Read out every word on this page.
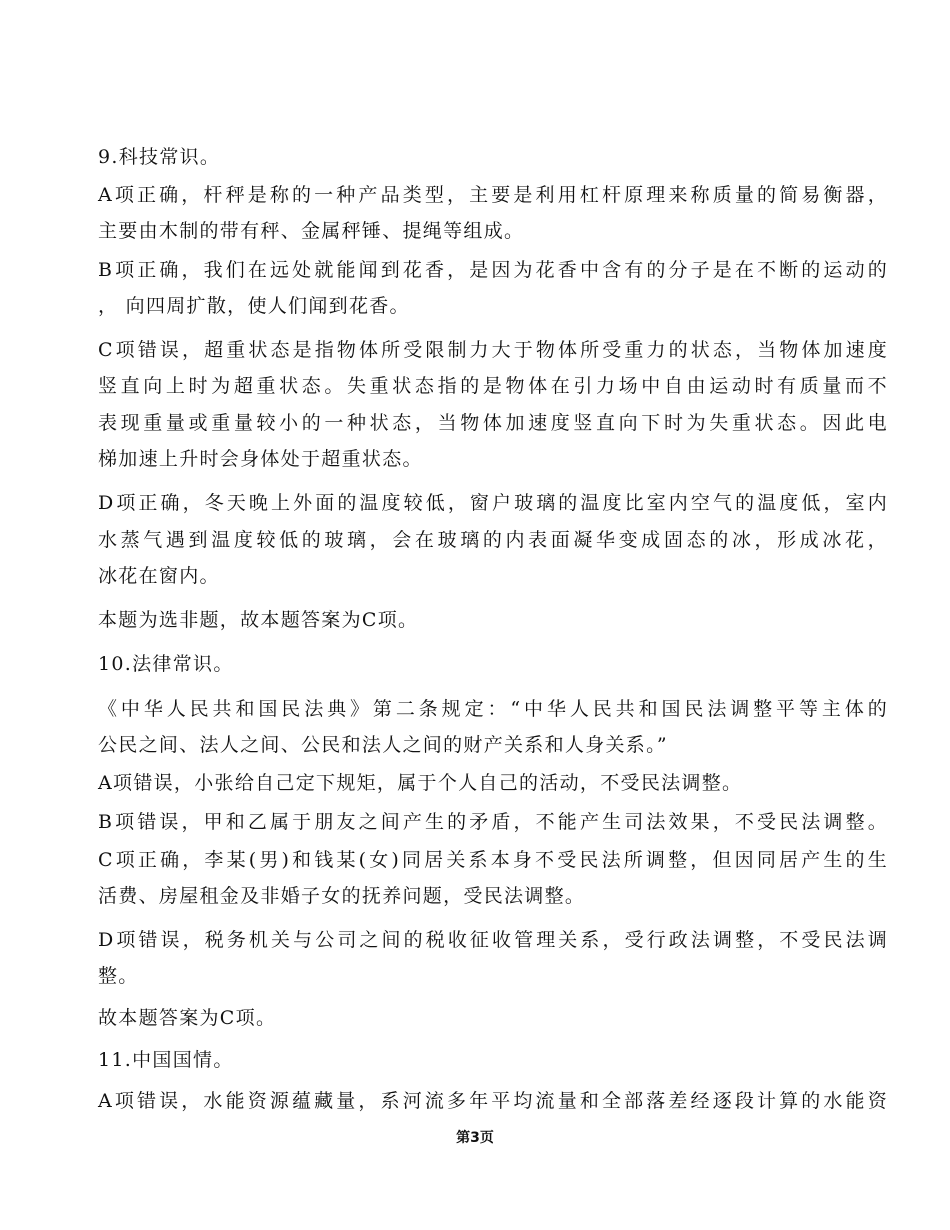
9.科技常识。
A项正确，杆秤是称的一种产品类型，主要是利用杠杆原理来称质量的简易衡器，
主要由木制的带有秤、金属秤锤、提绳等组成。
B项正确，我们在远处就能闻到花香，是因为花香中含有的分子是在不断的运动的
， 向四周扩散，使人们闻到花香。
C项错误，超重状态是指物体所受限制力大于物体所受重力的状态，当物体加速度
竖直向上时为超重状态。失重状态指的是物体在引力场中自由运动时有质量而不
表现重量或重量较小的一种状态，当物体加速度竖直向下时为失重状态。因此电
梯加速上升时会身体处于超重状态。
D项正确，冬天晚上外面的温度较低，窗户玻璃的温度比室内空气的温度低，室内
水蒸气遇到温度较低的玻璃，会在玻璃的内表面凝华变成固态的冰，形成冰花，
冰花在窗内。
本题为选非题，故本题答案为C项。
10.法律常识。
《中华人民共和国民法典》第二条规定：“中华人民共和国民法调整平等主体的
公民之间、法人之间、公民和法人之间的财产关系和人身关系。”
A项错误，小张给自己定下规矩，属于个人自己的活动，不受民法调整。
B项错误，甲和乙属于朋友之间产生的矛盾，不能产生司法效果，不受民法调整。
C项正确，李某(男)和钱某(女)同居关系本身不受民法所调整，但因同居产生的生
活费、房屋租金及非婚子女的抚养问题，受民法调整。
D项错误，税务机关与公司之间的税收征收管理关系，受行政法调整，不受民法调
整。
故本题答案为C项。
11.中国国情。
A项错误，水能资源蕴藏量，系河流多年平均流量和全部落差经逐段计算的水能资
第3页
